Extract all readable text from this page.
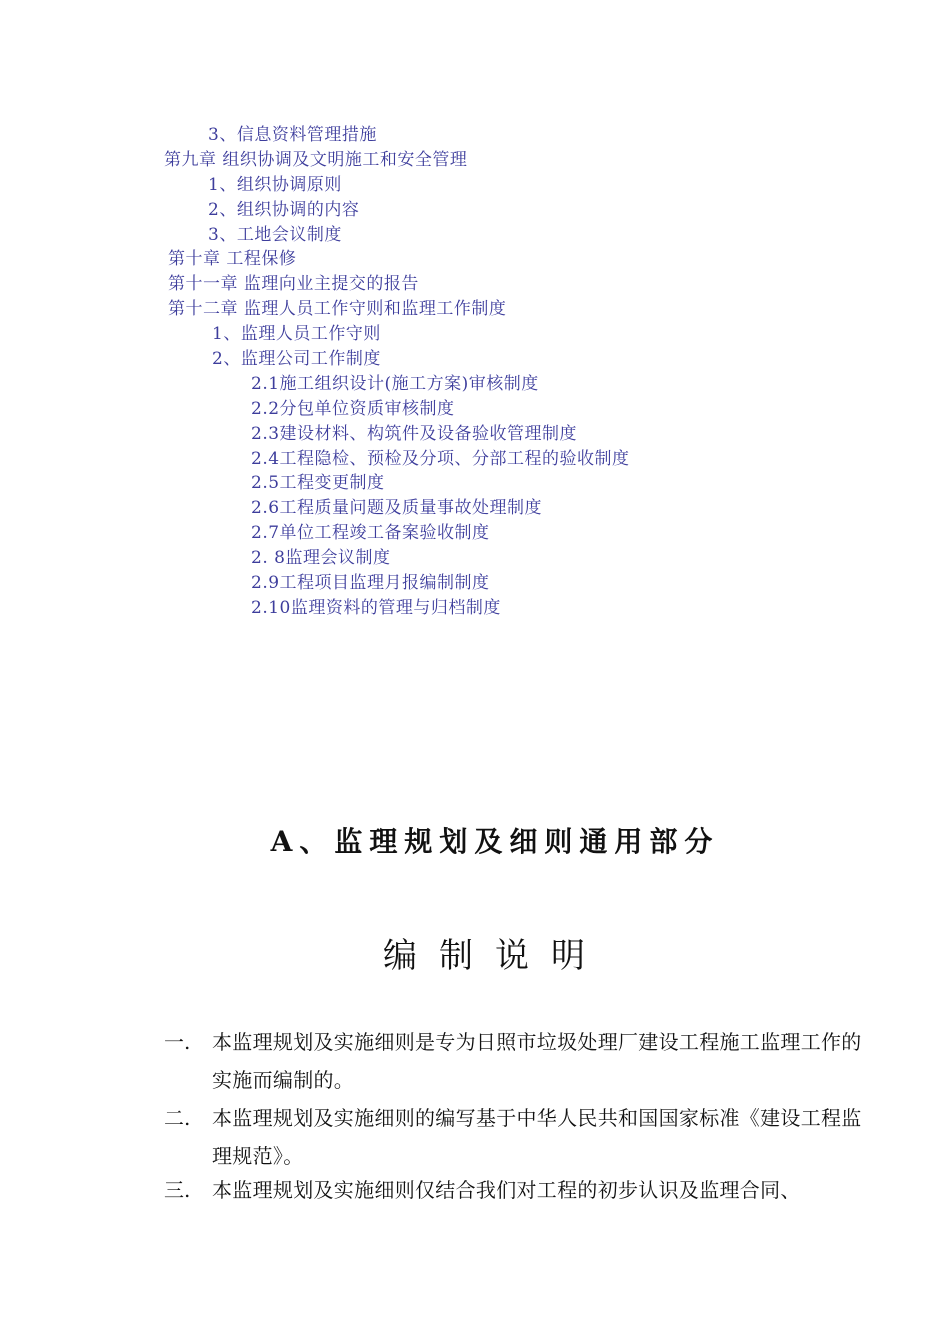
3、信息资料管理措施
第九章 组织协调及文明施工和安全管理
1、组织协调原则
2、组织协调的内容
3、工地会议制度
第十章 工程保修
第十一章 监理向业主提交的报告
第十二章 监理人员工作守则和监理工作制度
1、监理人员工作守则
2、监理公司工作制度
2.1施工组织设计(施工方案)审核制度
2.2分包单位资质审核制度
2.3建设材料、构筑件及设备验收管理制度
2.4工程隐检、预检及分项、分部工程的验收制度
2.5工程变更制度
2.6工程质量问题及质量事故处理制度
2.7单位工程竣工备案验收制度
2. 8监理会议制度
2.9工程项目监理月报编制制度
2.10监理资料的管理与归档制度
A、监理规划及细则通用部分
编制说明
一. 本监理规划及实施细则是专为日照市垃圾处理厂建设工程施工监理工作的实施而编制的。
二. 本监理规划及实施细则的编写基于中华人民共和国国家标准《建设工程监理规范》。
三. 本监理规划及实施细则仅结合我们对工程的初步认识及监理合同、
